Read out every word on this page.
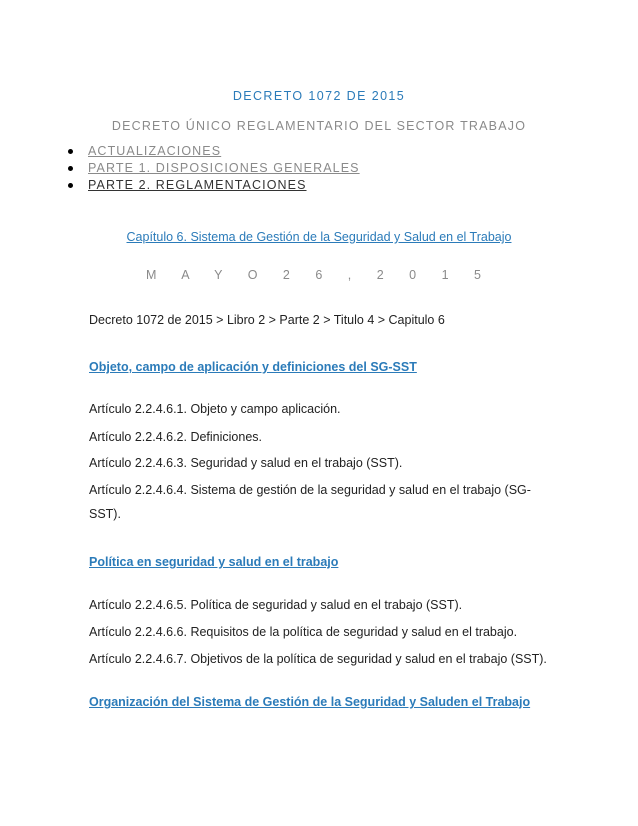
DECRETO 1072 DE 2015
DECRETO ÚNICO REGLAMENTARIO DEL SECTOR TRABAJO
ACTUALIZACIONES
PARTE 1. DISPOSICIONES GENERALES
PARTE 2. REGLAMENTACIONES
Capítulo 6. Sistema de Gestión de la Seguridad y Salud en el Trabajo
M A Y O 2 6 , 2 0 1 5
Decreto 1072 de 2015 > Libro 2 > Parte 2 > Titulo 4 > Capitulo 6
Objeto, campo de aplicación y definiciones del SG-SST
Artículo 2.2.4.6.1. Objeto y campo aplicación.
Artículo 2.2.4.6.2. Definiciones.
Artículo 2.2.4.6.3. Seguridad y salud en el trabajo (SST).
Artículo 2.2.4.6.4. Sistema de gestión de la seguridad y salud en el trabajo (SG-SST).
Política en seguridad y salud en el trabajo
Artículo 2.2.4.6.5. Política de seguridad y salud en el trabajo (SST).
Artículo 2.2.4.6.6. Requisitos de la política de seguridad y salud en el trabajo.
Artículo 2.2.4.6.7. Objetivos de la política de seguridad y salud en el trabajo (SST).
Organización del Sistema de Gestión de la Seguridad y Saluden el Trabajo
